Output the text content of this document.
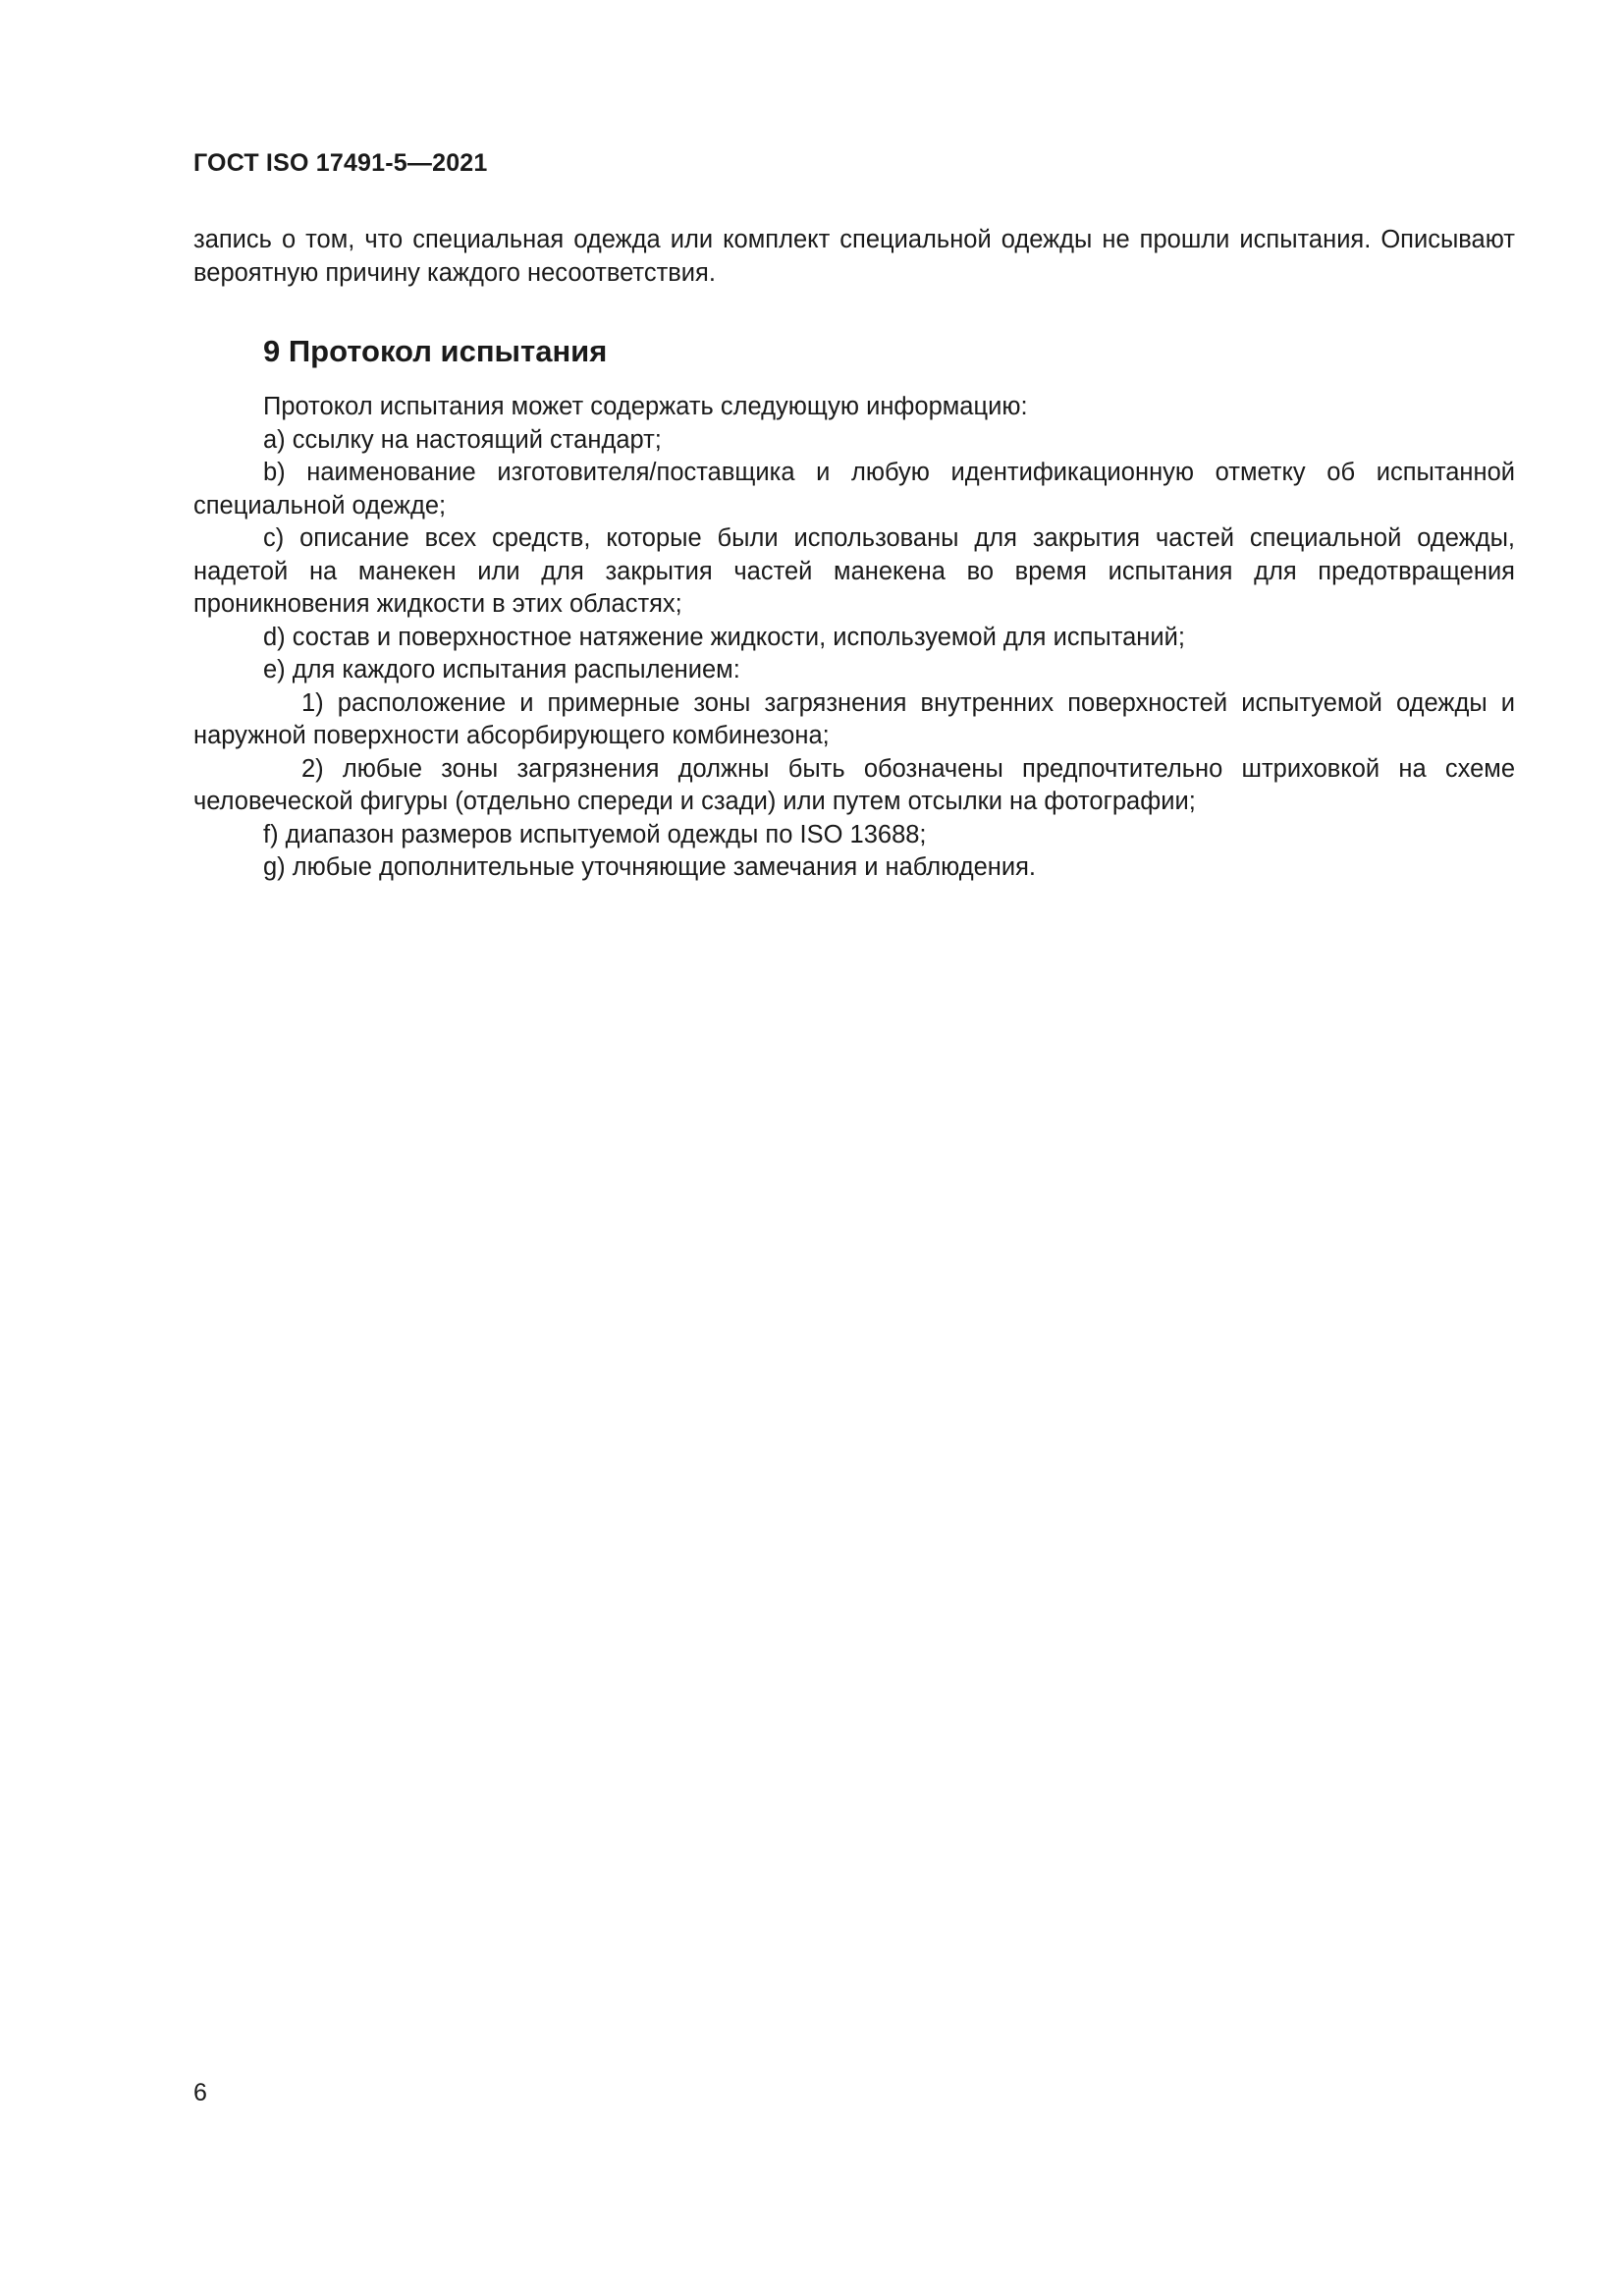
ГОСТ ISO 17491-5—2021

запись о том, что специальная одежда или комплект специальной одежды не прошли испытания. Описывают вероятную причину каждого несоответствия.

9 Протокол испытания

Протокол испытания может содержать следующую информацию:

a) ссылку на настоящий стандарт;

b) наименование изготовителя/поставщика и любую идентификационную отметку об испытанной специальной одежде;

c) описание всех средств, которые были использованы для закрытия частей специальной одежды, надетой на манекен или для закрытия частей манекена во время испытания для предотвращения проникновения жидкости в этих областях;

d) состав и поверхностное натяжение жидкости, используемой для испытаний;

e) для каждого испытания распылением:

1) расположение и примерные зоны загрязнения внутренних поверхностей испытуемой одежды и наружной поверхности абсорбирующего комбинезона;

2) любые зоны загрязнения должны быть обозначены предпочтительно штриховкой на схеме человеческой фигуры (отдельно спереди и сзади) или путем отсылки на фотографии;

f) диапазон размеров испытуемой одежды по ISO 13688;

g) любые дополнительные уточняющие замечания и наблюдения.

6
